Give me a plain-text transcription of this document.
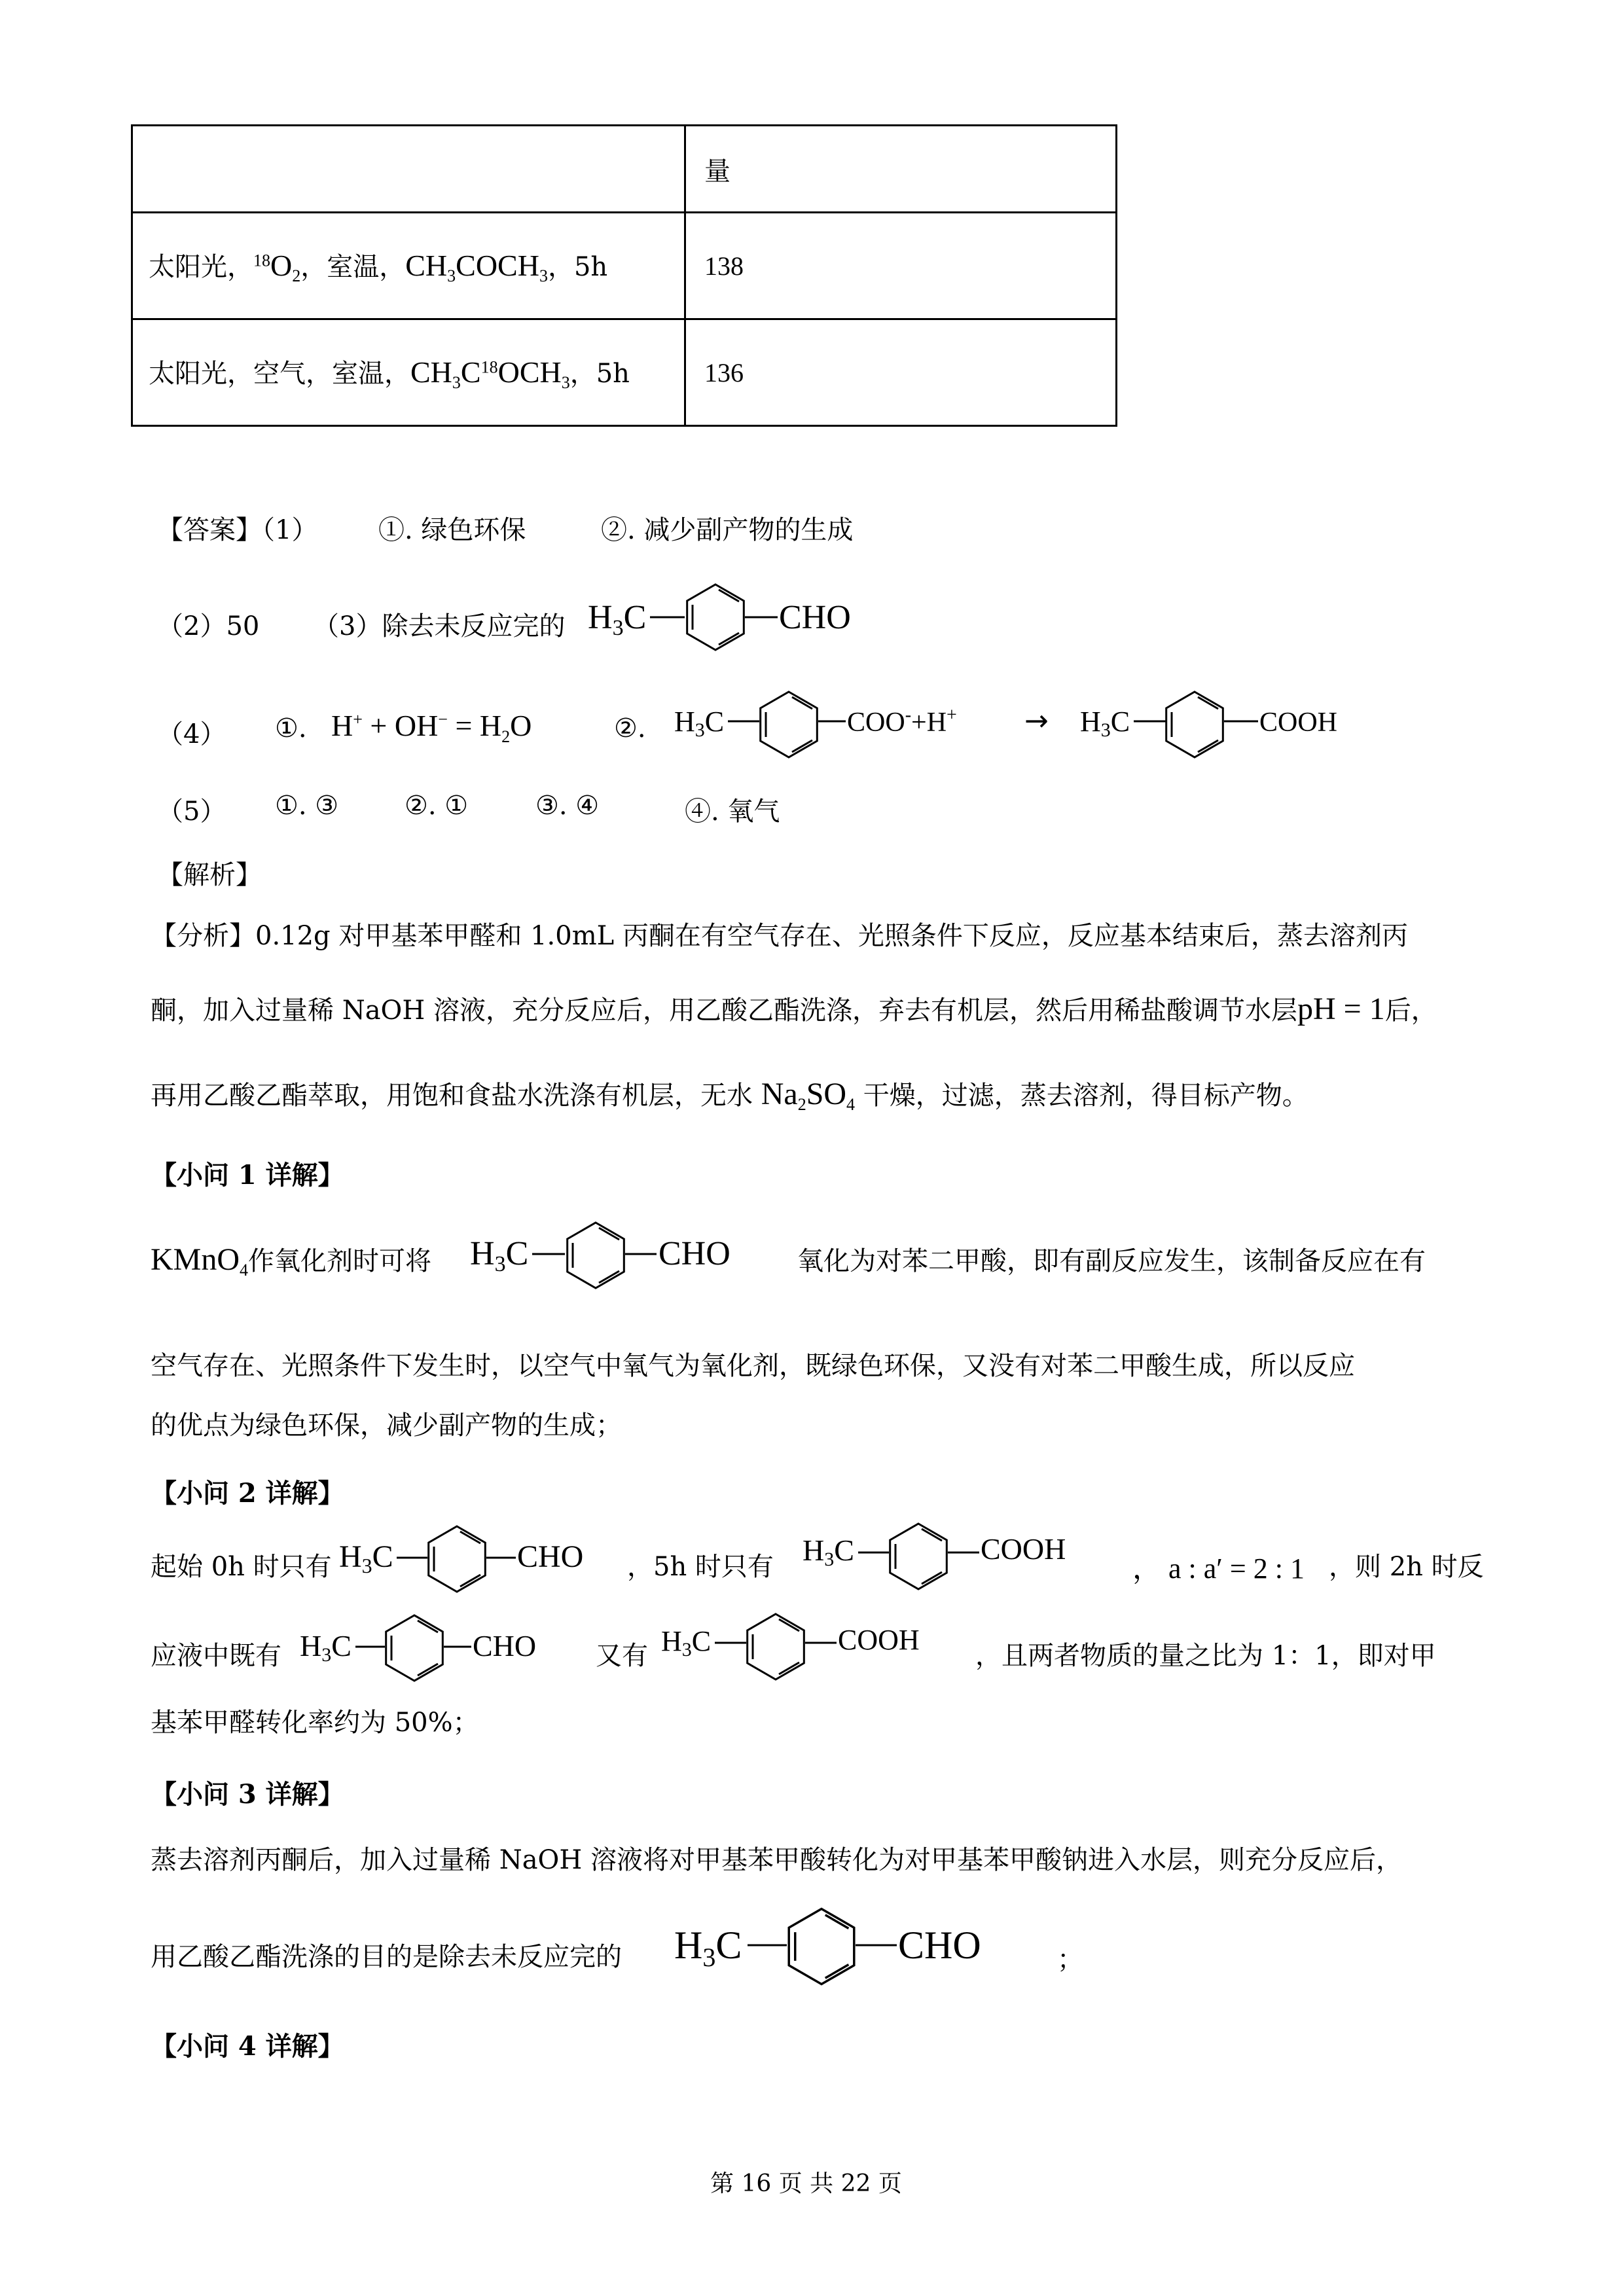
	量
太阳光，$^{18}O_2$，室温，$CH_3COCH_3$，5h	138
太阳光，空气，室温，$CH_3C^{18}OCH_3$，5h	136
【答案】（1） ①. 绿色环保	②. 减少副产物的生成
（2）50 （3）除去未反应完的 H3C	CHO
（4） ①. $H^+ + OH^- = H_2O$	②. H3C	COO-+H+ → H3C	COOH
（5） ①. ③	②. ①	③. ④	④. 氧气
【解析】
【分析】0.12g 对甲基苯甲醛和 1.0mL 丙酮在有空气存在、光照条件下反应，反应基本结束后，蒸去溶剂丙
酮，加入过量稀 NaOH 溶液，充分反应后，用乙酸乙酯洗涤，弃去有机层，然后用稀盐酸调节水层pH = 1后，
再用乙酸乙酯萃取，用饱和食盐水洗涤有机层，无水 $Na_2SO_4$ 干燥，过滤，蒸去溶剂，得目标产物。
【小问 1 详解】
KMnO$_4$作氧化剂时可将 H3C	CHO	氧化为对苯二甲酸，即有副反应发生，该制备反应在有
空气存在、光照条件下发生时，以空气中氧气为氧化剂，既绿色环保，又没有对苯二甲酸生成，所以反应
的优点为绿色环保，减少副产物的生成；
【小问 2 详解】
起始 0h 时只有 H3C	CHO ，5h 时只有 H3C	COOH
， a : a′ = 2 : 1 ，则 2h 时反
应液中既有 H3C	CHO 又有 H3C	COOH ，且两者物质的量之比为 1：1，即对甲
基苯甲醛转化率约为 50%；
【小问 3 详解】
蒸去溶剂丙酮后，加入过量稀 NaOH 溶液将对甲基苯甲酸转化为对甲基苯甲酸钠进入水层，则充分反应后，
用乙酸乙酯洗涤的目的是除去未反应完的 $H_3C$	CHO	；
【小问 4 详解】
第 16 页 共 22 页
